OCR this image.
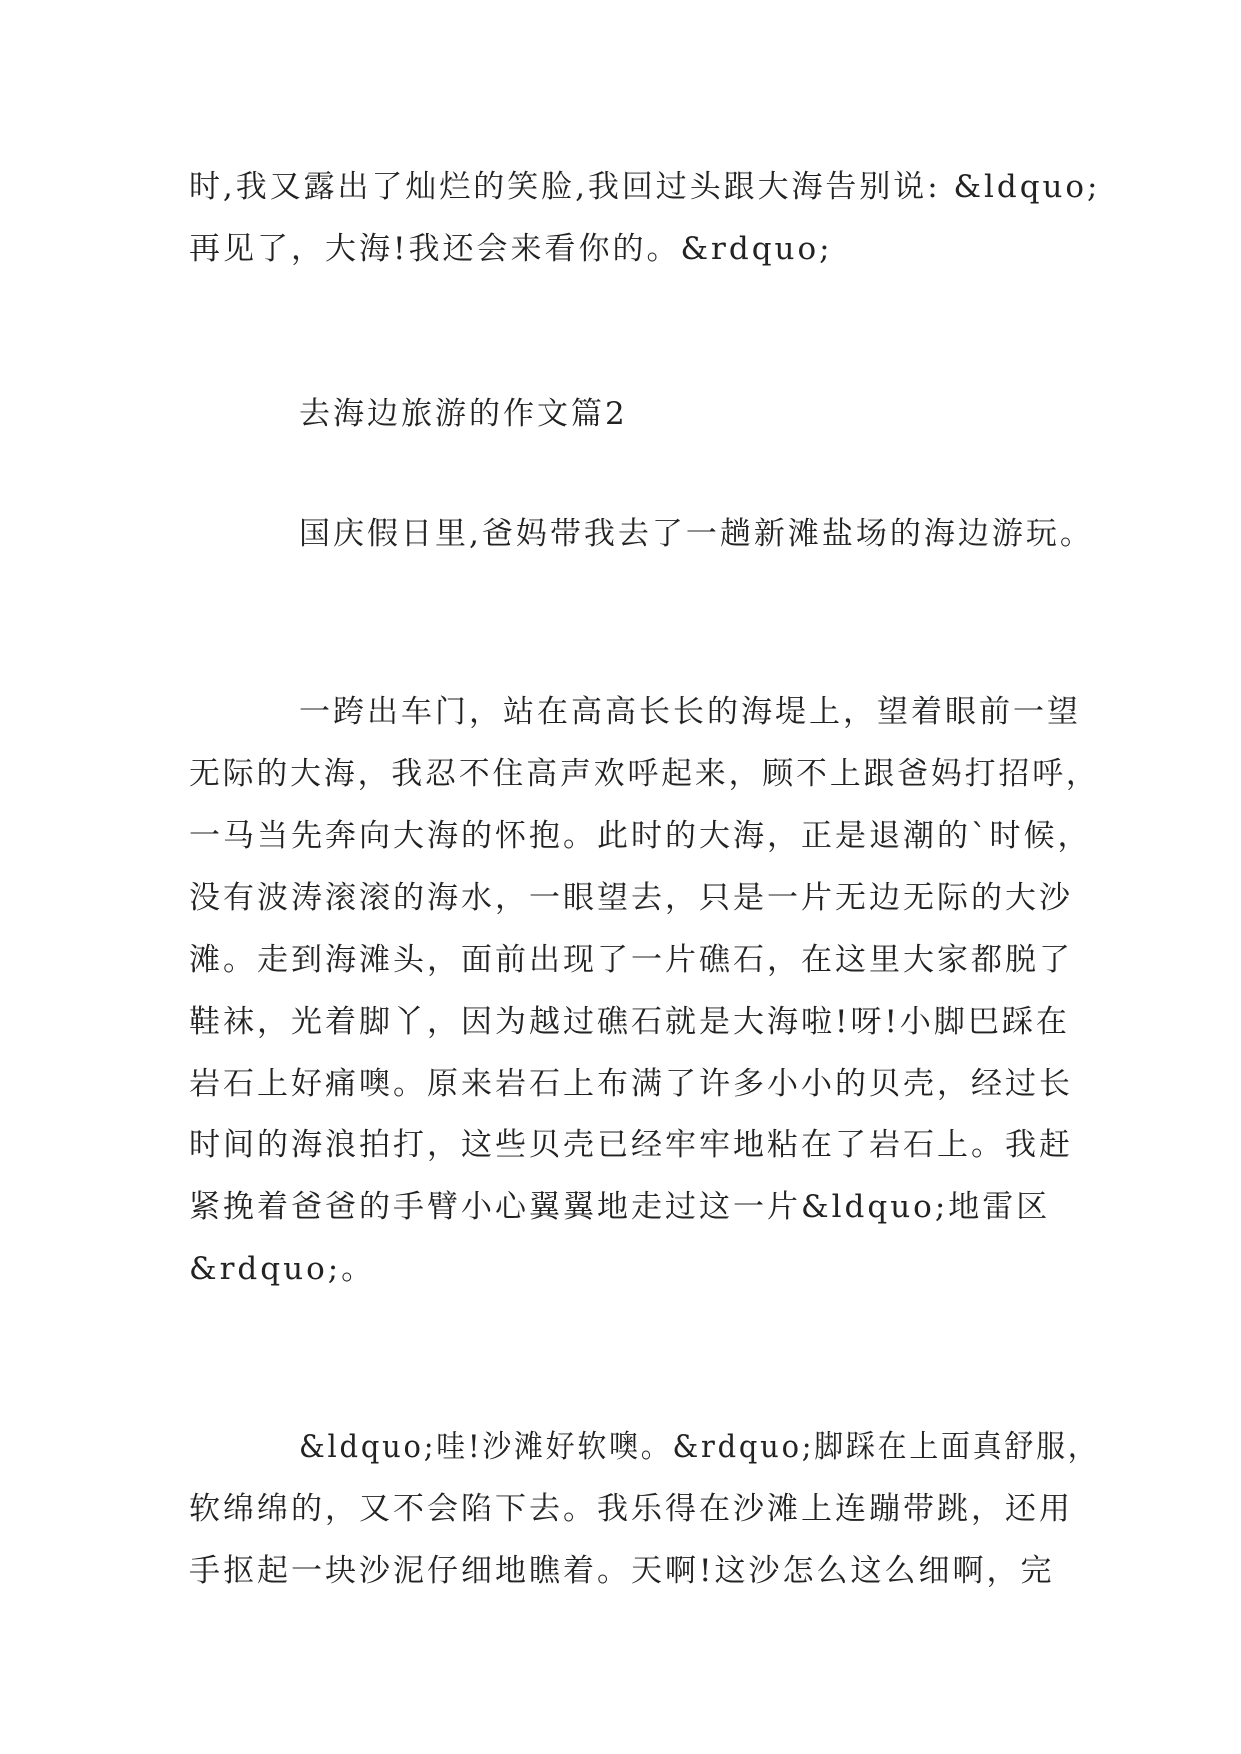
时,我又露出了灿烂的笑脸,我回过头跟大海告别说: &ldquo;
再见了，大海!我还会来看你的。&rdquo;
去海边旅游的作文篇2
国庆假日里,爸妈带我去了一趟新滩盐场的海边游玩。
一跨出车门，站在高高长长的海堤上，望着眼前一望
无际的大海，我忍不住高声欢呼起来，顾不上跟爸妈打招呼，
一马当先奔向大海的怀抱。此时的大海，正是退潮的`时候，
没有波涛滚滚的海水，一眼望去，只是一片无边无际的大沙
滩。走到海滩头，面前出现了一片礁石，在这里大家都脱了
鞋袜，光着脚丫，因为越过礁石就是大海啦!呀!小脚巴踩在
岩石上好痛噢。原来岩石上布满了许多小小的贝壳，经过长
时间的海浪拍打，这些贝壳已经牢牢地粘在了岩石上。我赶
紧挽着爸爸的手臂小心翼翼地走过这一片&ldquo;地雷区
&rdquo;。
&ldquo;哇!沙滩好软噢。&rdquo;脚踩在上面真舒服，
软绵绵的，又不会陷下去。我乐得在沙滩上连蹦带跳，还用
手抠起一块沙泥仔细地瞧着。天啊!这沙怎么这么细啊，完
